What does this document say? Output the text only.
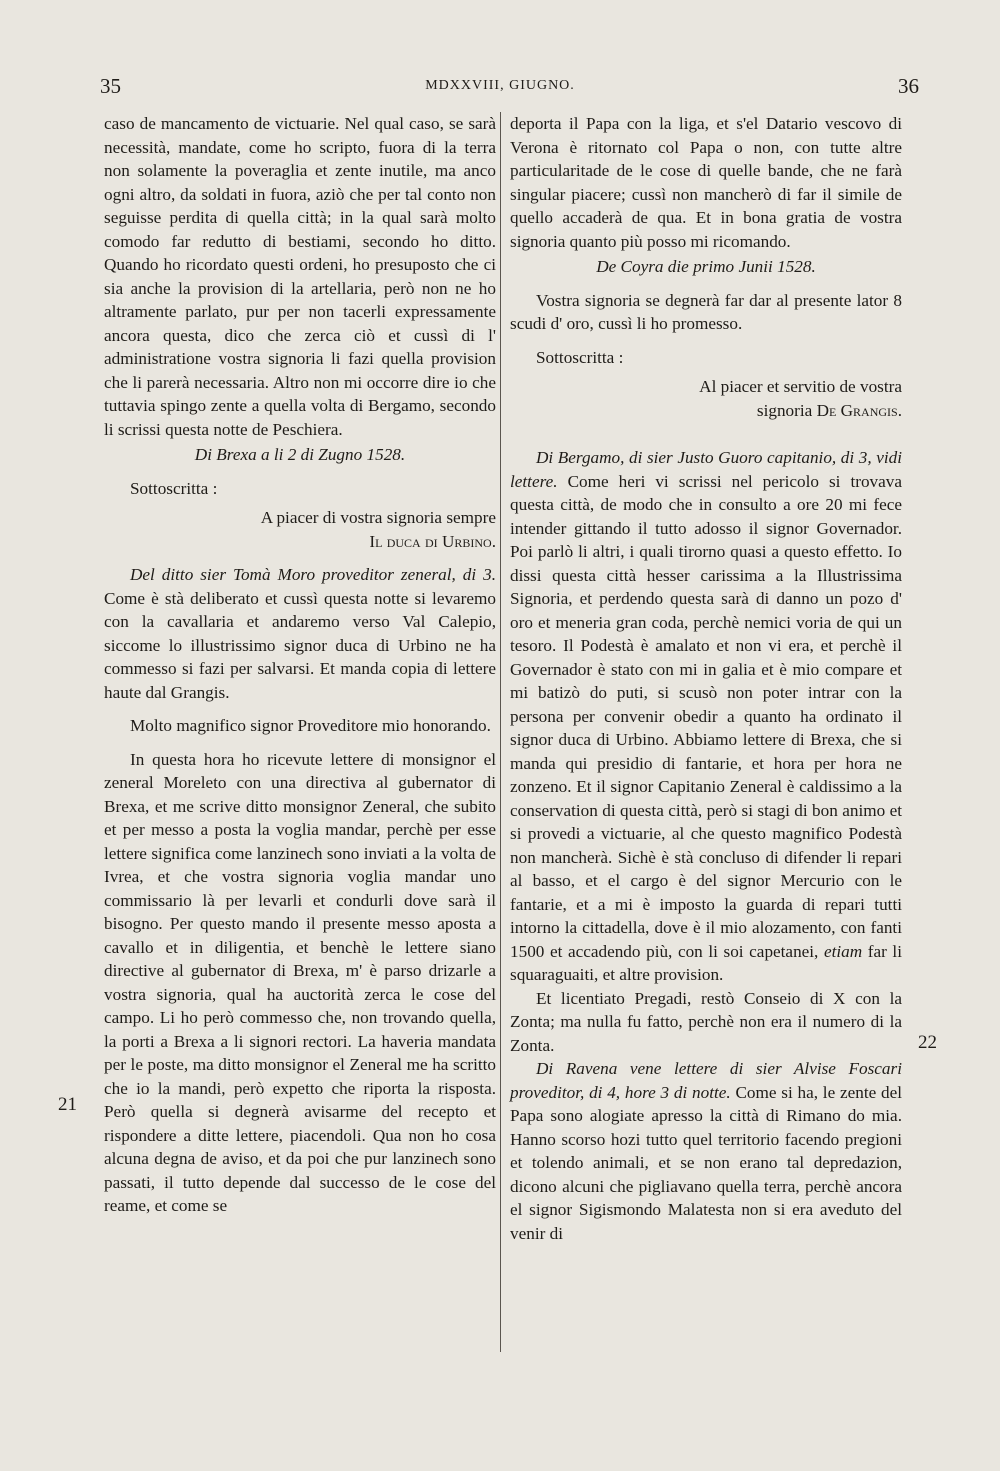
35	MDXXVIII, GIUGNO.	36
21
22

caso de mancamento de victuarie. Nel qual caso, se sarà necessità, mandate, come ho scripto, fuora di la terra non solamente la poveraglia et zente inutile, ma anco ogni altro, da soldati in fuora, aziò che per tal conto non seguisse perdita di quella città; in la qual sarà molto comodo far redutto di bestiami, secondo ho ditto. Quando ho ricordato questi ordeni, ho presuposto che ci sia anche la provision di la artellaria, però non ne ho altramente parlato, pur per non tacerli expressamente ancora questa, dico che zerca ciò et cussì di l' administratione vostra signoria li fazi quella provision che li parerà necessaria. Altro non mi occorre dire io che tuttavia spingo zente a quella volta di Bergamo, secondo li scrissi questa notte de Peschiera.

Di Brexa a li 2 di Zugno 1528.

Sottoscritta :

A piacer di vostra signoria sempre

Il duca di Urbino.

Del ditto sier Tomà Moro proveditor zeneral, di 3. Come è stà deliberato et cussì questa notte si levaremo con la cavallaria et andaremo verso Val Calepio, siccome lo illustrissimo signor duca di Urbino ne ha commesso si fazi per salvarsi. Et manda copia di lettere haute dal Grangis.

Molto magnifico signor Proveditore mio honorando.

In questa hora ho ricevute lettere di monsignor el zeneral Moreleto con una directiva al gubernator di Brexa, et me scrive ditto monsignor Zeneral, che subito et per messo a posta la voglia mandar, perchè per esse lettere significa come lanzinech sono inviati a la volta de Ivrea, et che vostra signoria voglia mandar uno commissario là per levarli et condurli dove sarà il bisogno. Per questo mando il presente messo aposta a cavallo et in diligentia, et benchè le lettere siano directive al gubernator di Brexa, m' è parso drizarle a vostra signoria, qual ha auctorità zerca le cose del campo. Li ho però commesso che, non trovando quella, la porti a Brexa a li signori rectori. La haveria mandata per le poste, ma ditto monsignor el Zeneral me ha scritto che io la mandi, però expetto che riporta la risposta. Però quella si degnerà avisarme del recepto et rispondere a ditte lettere, piacendoli. Qua non ho cosa alcuna degna de aviso, et da poi che pur lanzinech sono passati, il tutto depende dal successo de le cose del reame, et come se

deporta il Papa con la liga, et s'el Datario vescovo di Verona è ritornato col Papa o non, con tutte altre particularitade de le cose di quelle bande, che ne farà singular piacere; cussì non mancherò di far il simile de quello accaderà de qua. Et in bona gratia de vostra signoria quanto più posso mi ricomando.

De Coyra die primo Junii 1528.

Vostra signoria se degnerà far dar al presente lator 8 scudi d' oro, cussì li ho promesso.

Sottoscritta :

Al piacer et servitio de vostra

signoria De Grangis.

Di Bergamo, di sier Justo Guoro capitanio, di 3, vidi lettere. Come heri vi scrissi nel pericolo si trovava questa città, de modo che in consulto a ore 20 mi fece intender gittando il tutto adosso il signor Governador. Poi parlò li altri, i quali tirorno quasi a questo effetto. Io dissi questa città hesser carissima a la Illustrissima Signoria, et perdendo questa sarà di danno un pozo d' oro et meneria gran coda, perchè nemici voria de qui un tesoro. Il Podestà è amalato et non vi era, et perchè il Governador è stato con mi in galia et è mio compare et mi batizò do puti, si scusò non poter intrar con la persona per convenir obedir a quanto ha ordinato il signor duca di Urbino. Abbiamo lettere di Brexa, che si manda qui presidio di fantarie, et hora per hora ne zonzeno. Et il signor Capitanio Zeneral è caldissimo a la conservation di questa città, però si stagi di bon animo et si provedi a victuarie, al che questo magnifico Podestà non mancherà. Sichè è stà concluso di difender li repari al basso, et el cargo è del signor Mercurio con le fantarie, et a mi è imposto la guarda di repari tutti intorno la cittadella, dove è il mio alozamento, con fanti 1500 et accadendo più, con li soi capetanei, etiam far li squaraguaiti, et altre provision.

Et licentiato Pregadi, restò Conseio di X con la Zonta; ma nulla fu fatto, perchè non era il numero di la Zonta.

Di Ravena vene lettere di sier Alvise Foscari proveditor, di 4, hore 3 di notte. Come si ha, le zente del Papa sono alogiate apresso la città di Rimano do mia. Hanno scorso hozi tutto quel territorio facendo pregioni et tolendo animali, et se non erano tal depredazion, dicono alcuni che pigliavano quella terra, perchè ancora el signor Sigismondo Malatesta non si era aveduto del venir di
